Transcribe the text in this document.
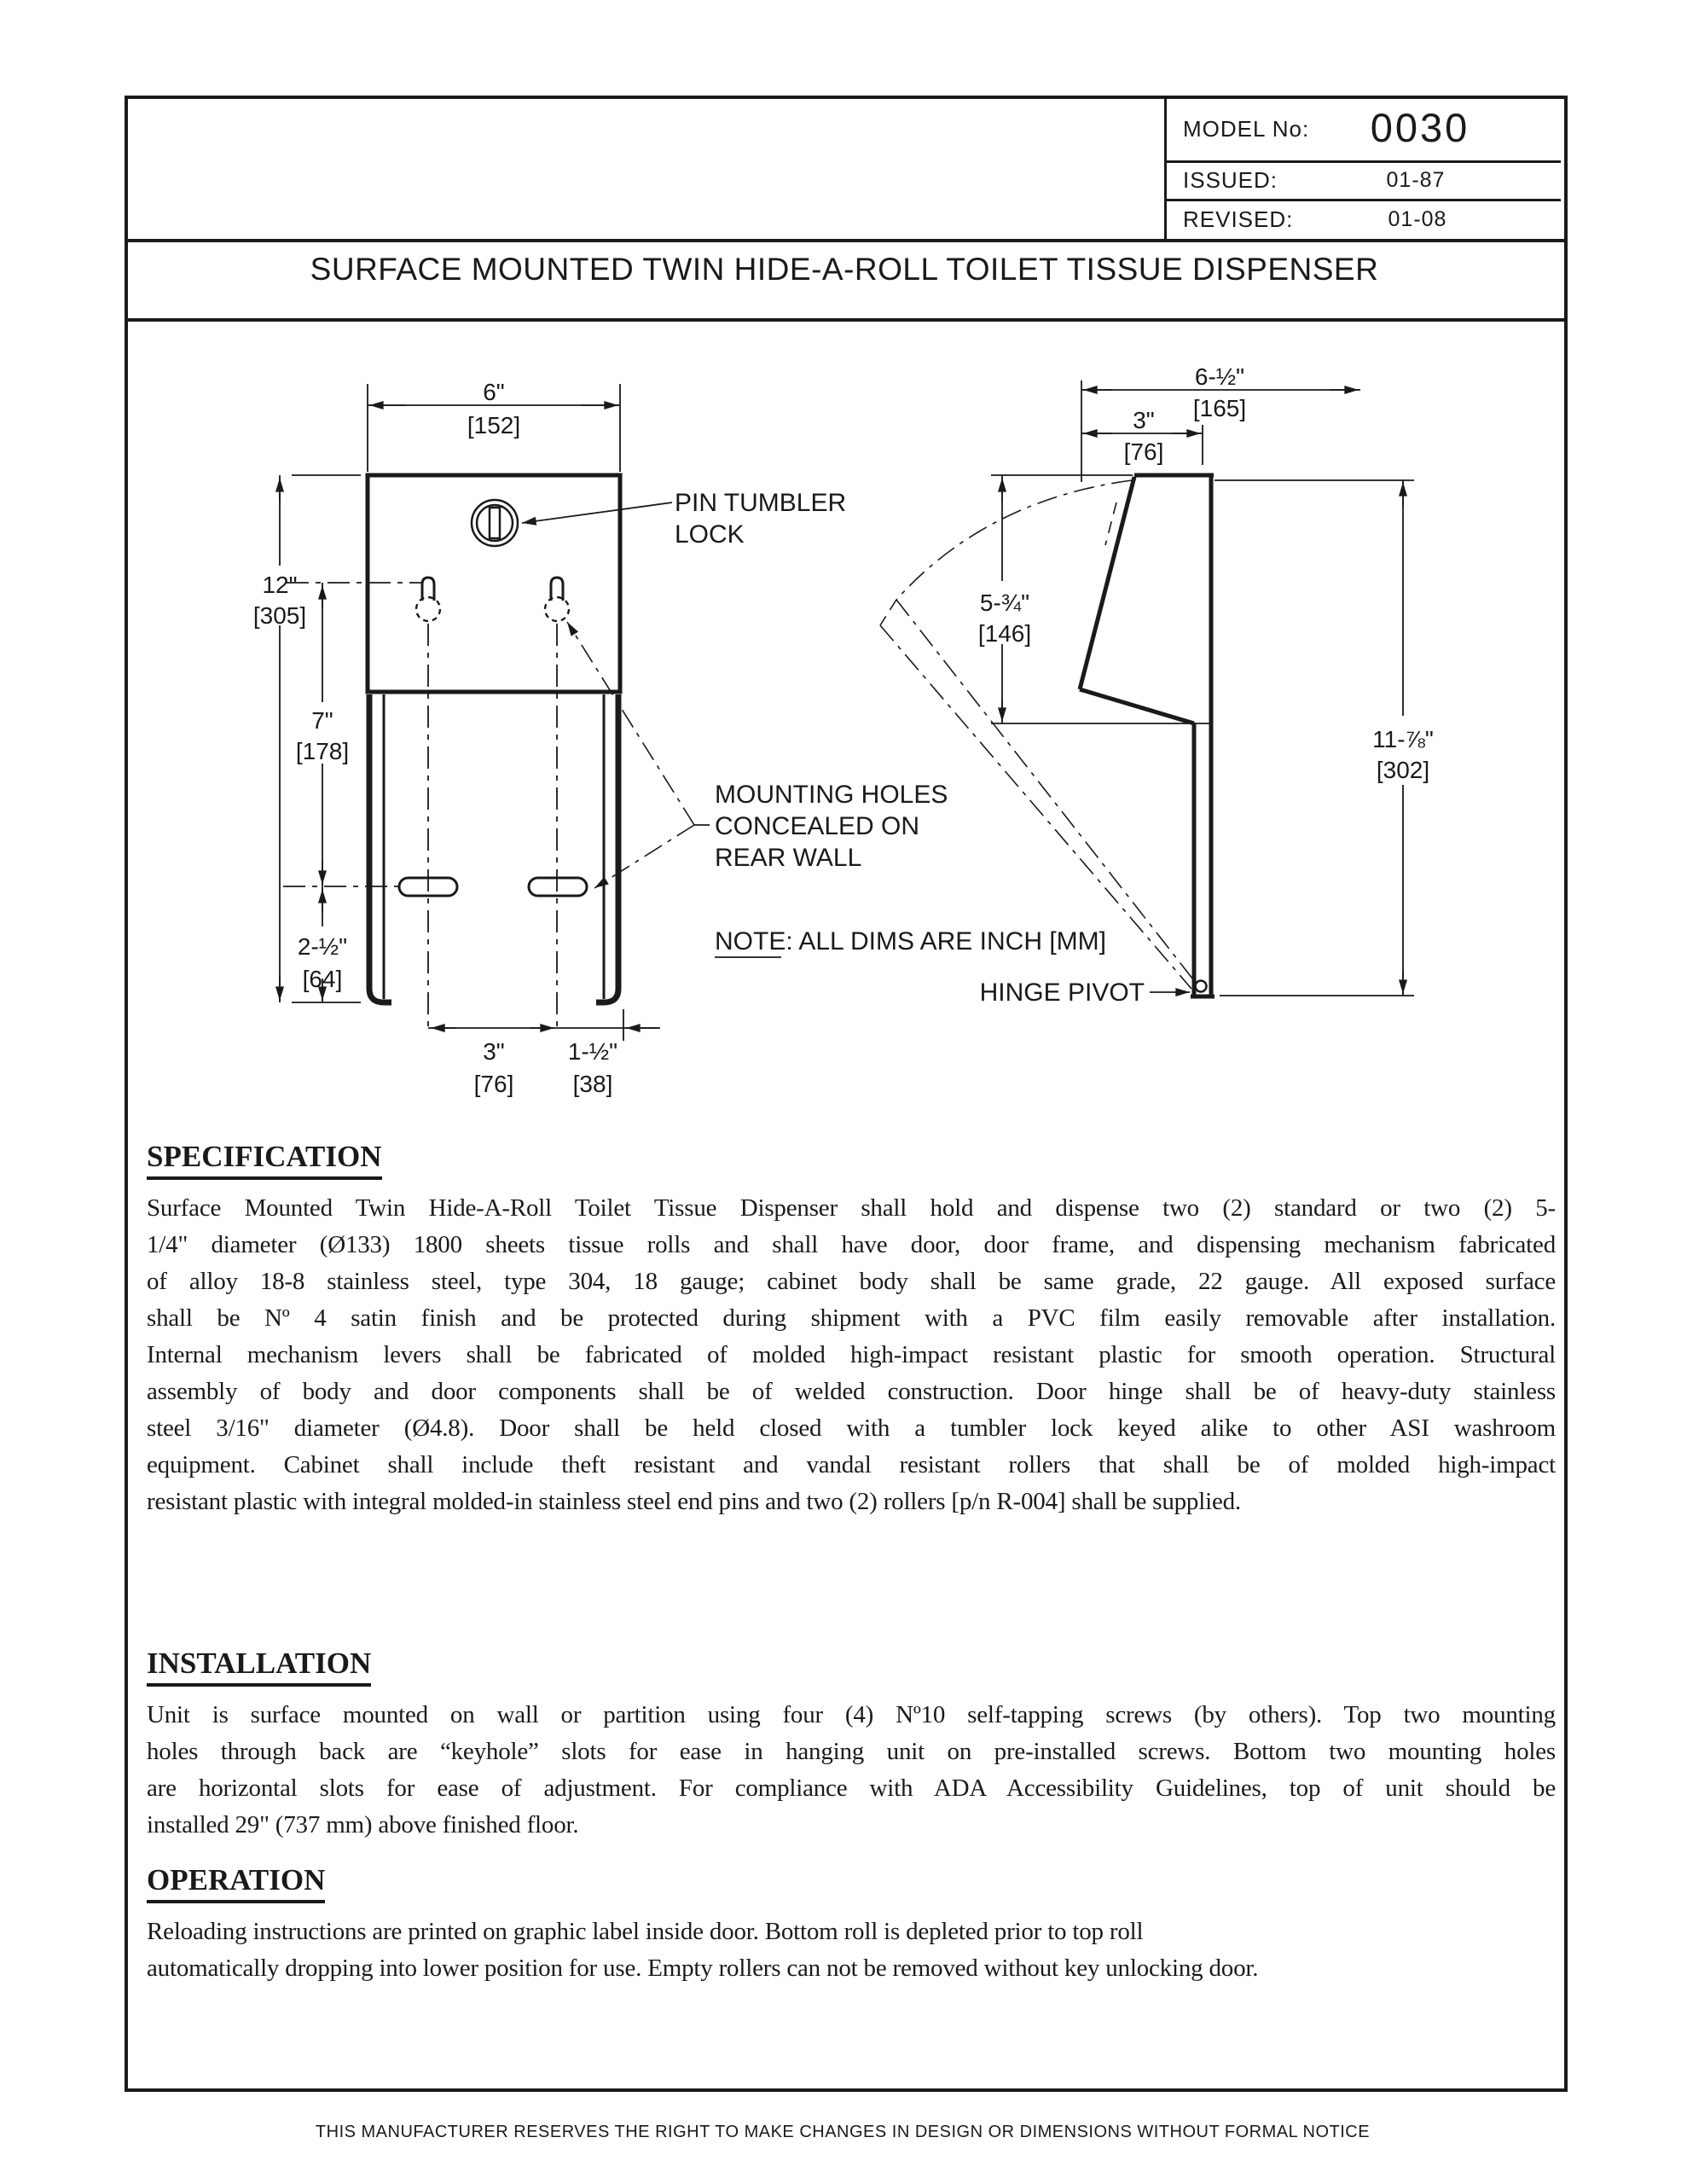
MODEL No:	0030
ISSUED:	01-87
REVISED:	01-08
SURFACE MOUNTED TWIN HIDE-A-ROLL TOILET TISSUE DISPENSER
6"
[152]
12"
[305]
7"
[178]
2-½"
[64]
3"
[76]
1-½"
[38]
PIN TUMBLER
LOCK
MOUNTING HOLES
CONCEALED ON
REAR WALL
NOTE: ALL DIMS ARE INCH [MM]
6-½"
[165]
3"
[76]
5-¾"
[146]
11-⅞"
[302]
HINGE PIVOT
SPECIFICATION
Surface Mounted Twin Hide-A-Roll Toilet Tissue Dispenser shall hold and dispense two (2) standard or two (2) 5-
1/4" diameter (Ø133) 1800 sheets tissue rolls and shall have door, door frame, and dispensing mechanism fabricated
of alloy 18-8 stainless steel, type 304, 18 gauge; cabinet body shall be same grade, 22 gauge. All exposed surface
shall be Nº 4 satin finish and be protected during shipment with a PVC film easily removable after installation.
Internal mechanism levers shall be fabricated of molded high-impact resistant plastic for smooth operation. Structural
assembly of body and door components shall be of welded construction. Door hinge shall be of heavy-duty stainless
steel 3/16" diameter (Ø4.8). Door shall be held closed with a tumbler lock keyed alike to other ASI washroom
equipment. Cabinet shall include theft resistant and vandal resistant rollers that shall be of molded high-impact
resistant plastic with integral molded-in stainless steel end pins and two (2) rollers [p/n R-004] shall be supplied.
INSTALLATION
Unit is surface mounted on wall or partition using four (4) Nº10 self-tapping screws (by others). Top two mounting
holes through back are “keyhole” slots for ease in hanging unit on pre-installed screws. Bottom two mounting holes
are horizontal slots for ease of adjustment. For compliance with ADA Accessibility Guidelines, top of unit should be
installed 29" (737 mm) above finished floor.
OPERATION
Reloading instructions are printed on graphic label inside door. Bottom roll is depleted prior to top roll
automatically dropping into lower position for use. Empty rollers can not be removed without key unlocking door.
THIS MANUFACTURER RESERVES THE RIGHT TO MAKE CHANGES IN DESIGN OR DIMENSIONS WITHOUT FORMAL NOTICE
